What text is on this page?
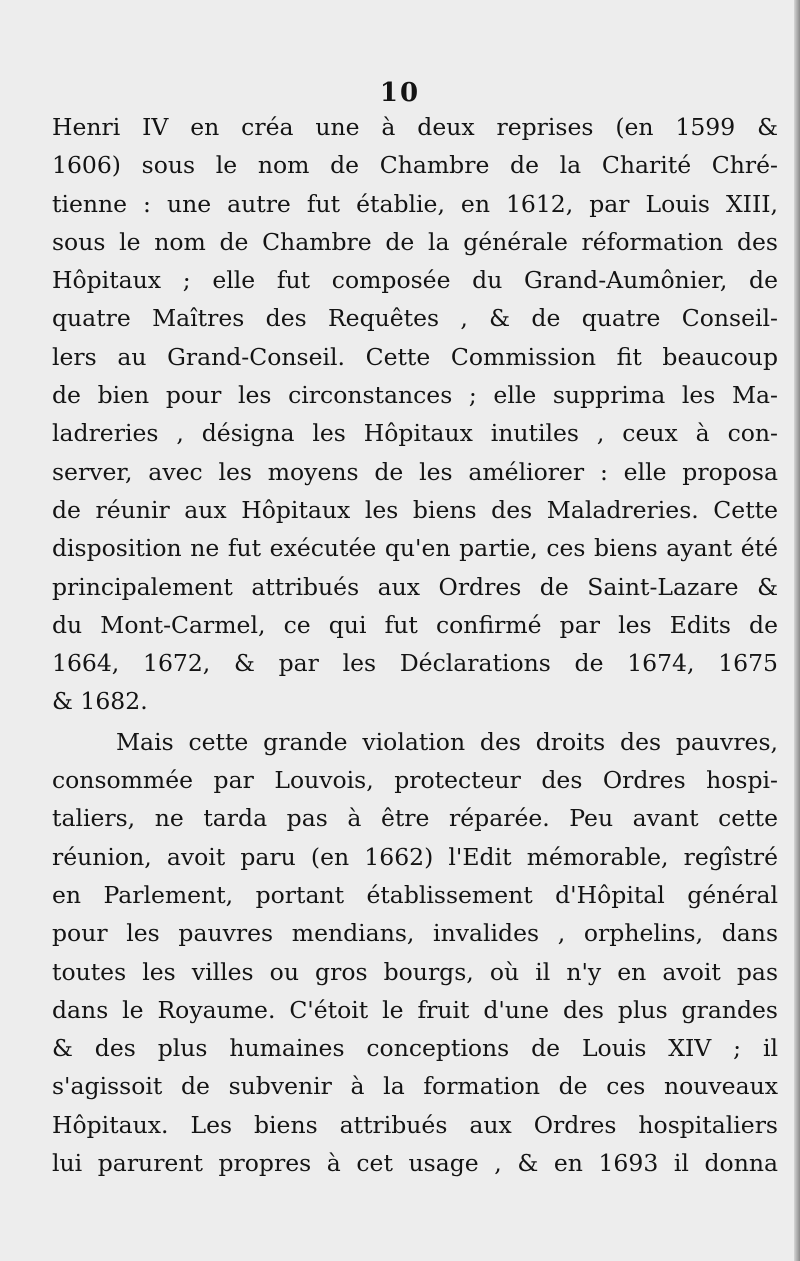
10
Henri IV en créa une à deux reprises (en 1599 &
1606) sous le nom de Chambre de la Charité Chré-
tienne : une autre fut établie, en 1612, par Louis XIII,
sous le nom de Chambre de la générale réformation des
Hôpitaux ; elle fut composée du Grand-Aumônier, de
quatre Maîtres des Requêtes , & de quatre Conseil-
lers au Grand-Conseil. Cette Commission fit beaucoup
de bien pour les circonstances ; elle supprima les Ma-
ladreries , désigna les Hôpitaux inutiles , ceux à con-
server, avec les moyens de les améliorer : elle proposa
de réunir aux Hôpitaux les biens des Maladreries. Cette
disposition ne fut exécutée qu'en partie, ces biens ayant été
principalement attribués aux Ordres de Saint-Lazare &
du Mont-Carmel, ce qui fut confirmé par les Edits de
1664, 1672, & par les Déclarations de 1674, 1675
& 1682.
Mais cette grande violation des droits des pauvres,
consommée par Louvois, protecteur des Ordres hospi-
taliers, ne tarda pas à être réparée. Peu avant cette
réunion, avoit paru (en 1662) l'Edit mémorable, regîstré
en Parlement, portant établissement d'Hôpital général
pour les pauvres mendians, invalides , orphelins, dans
toutes les villes ou gros bourgs, où il n'y en avoit pas
dans le Royaume. C'étoit le fruit d'une des plus grandes
& des plus humaines conceptions de Louis XIV ; il
s'agissoit de subvenir à la formation de ces nouveaux
Hôpitaux. Les biens attribués aux Ordres hospitaliers
lui parurent propres à cet usage , & en 1693 il donna
